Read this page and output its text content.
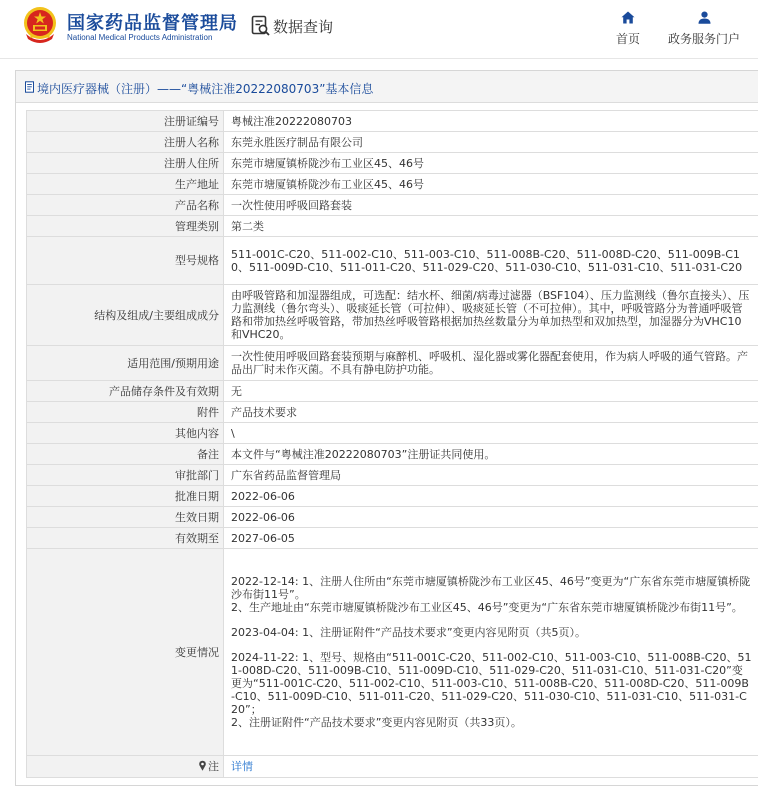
国家药品监督管理局
National Medical Products Administration
数据查询
首页	政务服务门户
境内医疗器械（注册）——“粤械注准20222080703”基本信息
注册证编号	粤械注准20222080703
注册人名称	东莞永胜医疗制品有限公司
注册人住所	东莞市塘厦镇桥陇沙布工业区45、46号
生产地址	东莞市塘厦镇桥陇沙布工业区45、46号
产品名称	一次性使用呼吸回路套装
管理类别	第二类
型号规格	511-001C-C20、511-002-C10、511-003-C10、511-008B-C20、511-008D-C20、511-009B-C10、511-009D-C10、511-011-C20、511-029-C20、511-030-C10、511-031-C10、511-031-C20
结构及组成/主要组成成分	由呼吸管路和加湿器组成，可选配：结水杯、细菌/病毒过滤器（BSF104）、压力监测线（鲁尔直接头）、压力监测线（鲁尔弯头）、吸痰延长管（可拉伸）、吸痰延长管（不可拉伸）。其中，呼吸管路分为普通呼吸管路和带加热丝呼吸管路，带加热丝呼吸管路根据加热丝数量分为单加热型和双加热型，加湿器分为VHC10和VHC20。
适用范围/预期用途	一次性使用呼吸回路套装预期与麻醉机、呼吸机、湿化器或雾化器配套使用，作为病人呼吸的通气管路。产品出厂时未作灭菌。不具有静电防护功能。
产品储存条件及有效期	无
附件	产品技术要求
其他内容	\
备注	本文件与“粤械注准20222080703”注册证共同使用。
审批部门	广东省药品监督管理局
批准日期	2022-06-06
生效日期	2022-06-06
有效期至	2027-06-05
变更情况	2022-12-14: 1、注册人住所由“东莞市塘厦镇桥陇沙布工业区45、46号”变更为“广东省东莞市塘厦镇桥陇沙布街11号”。
2、生产地址由“东莞市塘厦镇桥陇沙布工业区45、46号”变更为“广东省东莞市塘厦镇桥陇沙布街11号”。
2023-04-04: 1、注册证附件“产品技术要求”变更内容见附页（共5页）。
2024-11-22: 1、型号、规格由“511-001C-C20、511-002-C10、511-003-C10、511-008B-C20、511-008D-C20、511-009B-C10、511-009D-C10、511-029-C20、511-031-C10、511-031-C20”变更为“511-001C-C20、511-002-C10、511-003-C10、511-008B-C20、511-008D-C20、511-009B-C10、511-009D-C10、511-011-C20、511-029-C20、511-030-C10、511-031-C10、511-031-C20”；
2、注册证附件“产品技术要求”变更内容见附页（共33页）。

注	详情
